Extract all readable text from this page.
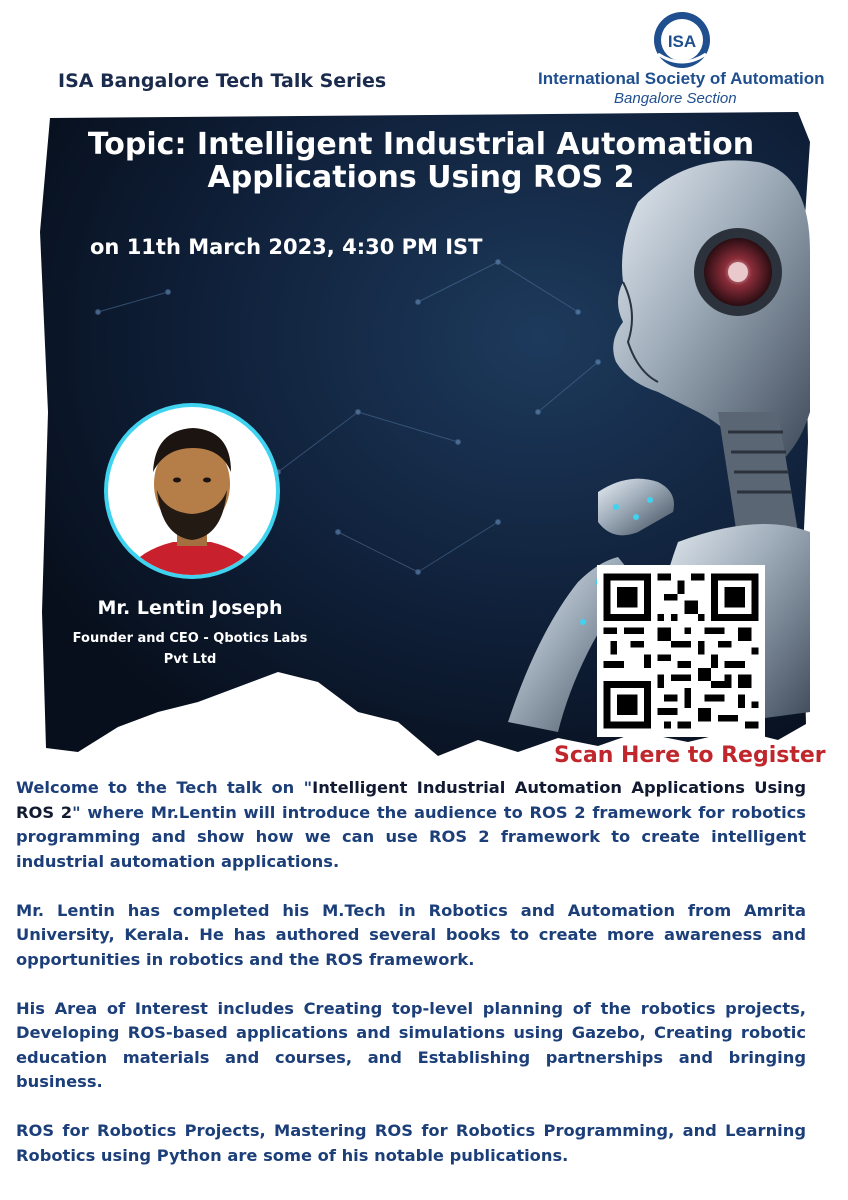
ISA Bangalore Tech Talk Series
ISA
International Society of Automation
Bangalore Section
Topic: Intelligent Industrial Automation
Applications Using ROS 2
on 11th March 2023, 4:30 PM IST
Mr. Lentin Joseph
Founder and CEO - Qbotics Labs
Pvt Ltd
Scan Here to Register

Welcome to the Tech talk on "Intelligent Industrial Automation Applications Using ROS 2" where Mr.Lentin will introduce the audience to ROS 2 framework for robotics programming and show how we can use ROS 2 framework to create intelligent industrial automation applications.

Mr. Lentin has completed his M.Tech in Robotics and Automation from Amrita University, Kerala. He has authored several books to create more awareness and opportunities in robotics and the ROS framework.

His Area of Interest includes Creating top-level planning of the robotics projects, Developing ROS-based applications and simulations using Gazebo, Creating robotic education materials and courses, and Establishing partnerships and bringing business.

ROS for Robotics Projects, Mastering ROS for Robotics Programming, and Learning Robotics using Python are some of his notable publications.
